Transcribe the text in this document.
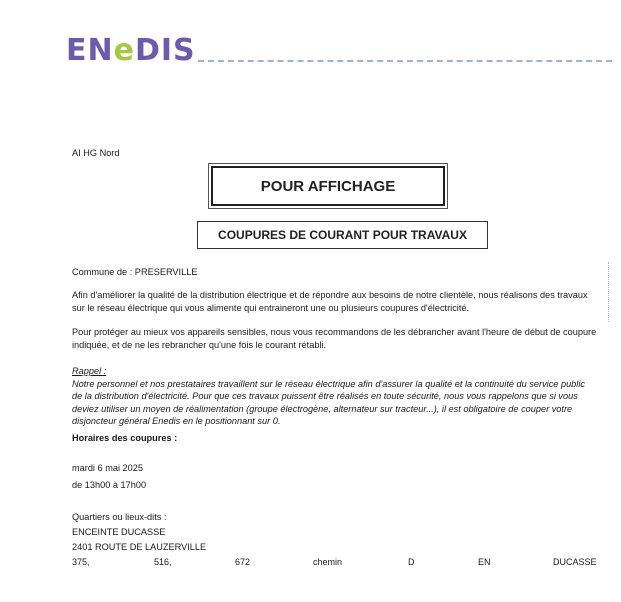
ENeDIS
AI HG Nord
POUR AFFICHAGE
COUPURES DE COURANT POUR TRAVAUX
Commune de : PRESERVILLE
Afin d'améliorer la qualité de la distribution électrique et de répondre aux besoins de notre clientèle, nous réalisons des travaux
sur le réseau électrique qui vous alimente qui entraineront une ou plusieurs coupures d'électricité.
Pour protéger au mieux vos appareils sensibles, nous vous recommandons de les débrancher avant l'heure de début de coupure
indiquée, et de ne les rebrancher qu'une fois le courant rétabli.
Rappel :
Notre personnel et nos prestataires travaillent sur le réseau électrique afin d'assurer la qualité et la continuité du service public
de la distribution d'électricité. Pour que ces travaux puissent être réalisés en toute sécurité, nous vous rappelons que si vous
deviez utiliser un moyen de réalimentation (groupe électrogène, alternateur sur tracteur...), il est obligatoire de couper votre
disjoncteur général Enedis en le positionnant sur 0.
Horaires des coupures :
mardi 6 mai 2025
de 13h00 à 17h00
Quartiers ou lieux-dits :
ENCEINTE DUCASSE
2401 ROUTE DE LAUZERVILLE
375,	516,	672	chemin	D	EN	DUCASSE
